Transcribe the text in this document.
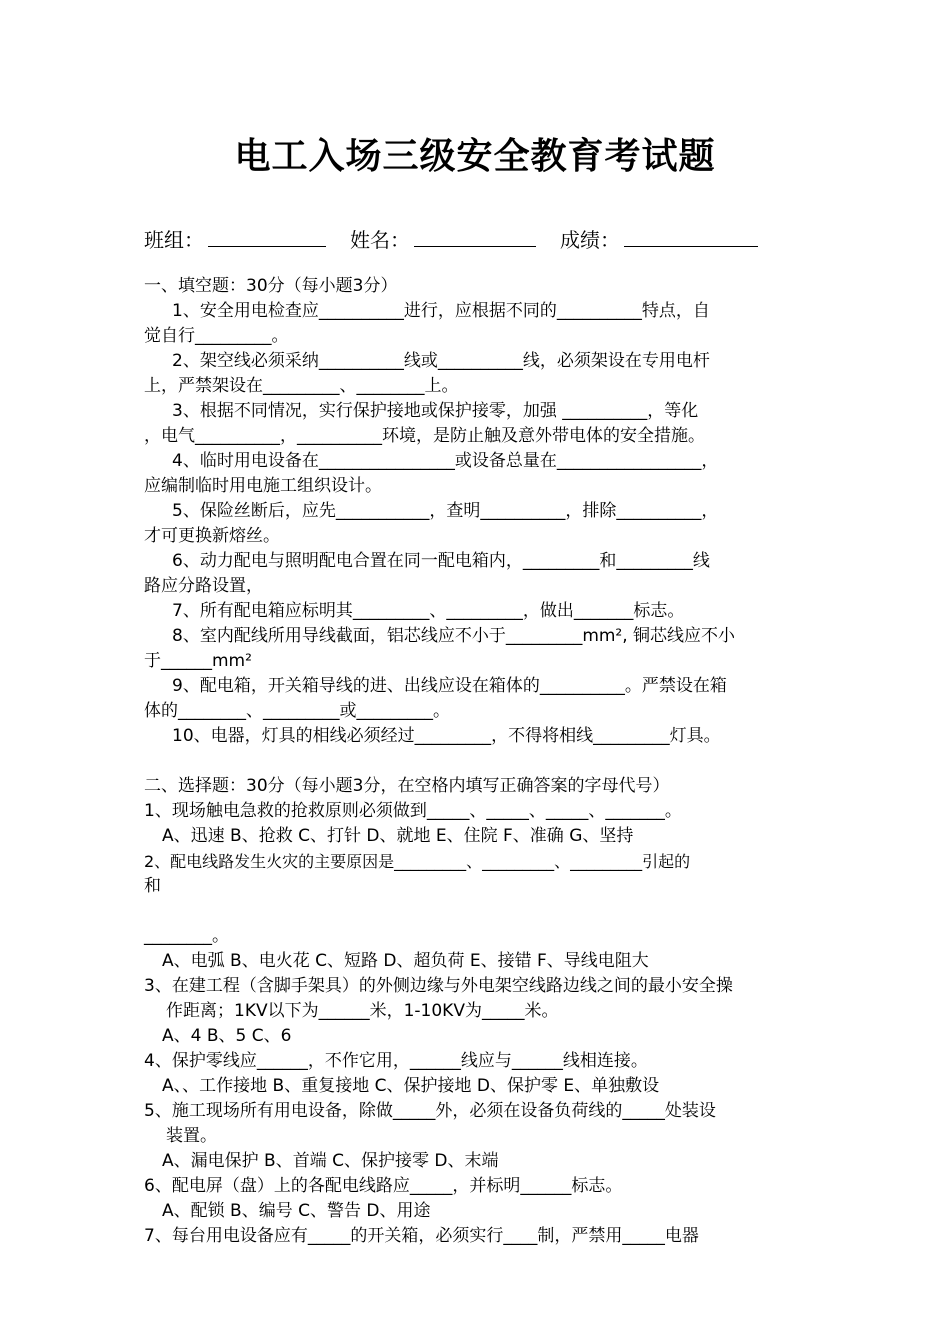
电工入场三级安全教育考试题
班组：	姓名：	成绩：

一、填空题：30分（每小题3分）

1、安全用电检查应__________进行，应根据不同的__________特点，自

觉自行_________。

2、架空线必须采纳__________线或__________线，必须架设在专用电杆

上，严禁架设在_________、________上。

3、根据不同情况，实行保护接地或保护接零，加强 __________，等化

，电气__________，__________环境，是防止触及意外带电体的安全措施。

4、临时用电设备在________________或设备总量在_________________，

应编制临时用电施工组织设计。

5、保险丝断后，应先___________，查明__________，排除__________，

才可更换新熔丝。

6、动力配电与照明配电合置在同一配电箱内，_________和_________线

路应分路设置，

7、所有配电箱应标明其_________、_________，做出_______标志。

8、室内配线所用导线截面，铝芯线应不小于_________mm², 铜芯线应不小

于______mm²

9、配电箱，开关箱导线的进、出线应设在箱体的__________。严禁设在箱

体的________、_________或_________。

10、电器，灯具的相线必须经过_________，不得将相线_________灯具。

二、选择题：30分（每小题3分，在空格内填写正确答案的字母代号）

1、现场触电急救的抢救原则必须做到_____、_____、_____、_______。

A、迅速 B、抢救 C、打针 D、就地 E、住院 F、准确 G、坚持

2、配电线路发生火灾的主要原因是_________、_________、_________引起的

和

________。

A、电弧 B、电火花 C、短路 D、超负荷 E、接错 F、导线电阻大

3、在建工程（含脚手架具）的外侧边缘与外电架空线路边线之间的最小安全操

作距离；1KV以下为______米，1-10KV为_____米。

A、4 B、5 C、6

4、保护零线应______，不作它用，______线应与______线相连接。

A、、工作接地 B、重复接地 C、保护接地 D、保护零 E、单独敷设

5、施工现场所有用电设备，除做_____外，必须在设备负荷线的_____处装设

装置。

A、漏电保护 B、首端 C、保护接零 D、末端

6、配电屏（盘）上的各配电线路应_____，并标明______标志。

A、配锁 B、编号 C、警告 D、用途

7、每台用电设备应有_____的开关箱，必须实行____制，严禁用_____电器
